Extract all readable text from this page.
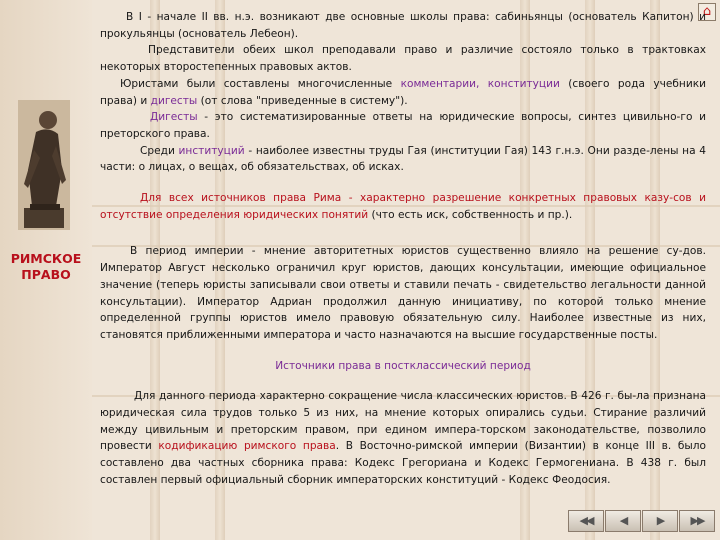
РИМСКОЕ
ПРАВО
⌂

В I - начале II вв. н.э. возникают две основные школы права: сабиньянцы (основатель Капитон) и прокульянцы (основатель Лебеон).

Представители обеих школ преподавали право и различие состояло только в трактовках некоторых второстепенных правовых актов.

Юристами были составлены многочисленные комментарии, конституции (своего рода учебники права) и дигесты (от слова "приведенные в систему").

Дигесты - это систематизированные ответы на юридические вопросы, синтез цивильно-го и преторского права.

Среди институций - наиболее известны труды Гая (институции Гая) 143 г.н.э. Они разде-лены на 4 части: о лицах, о вещах, об обязательствах, об исках.

Для всех источников права Рима - характерно разрешение конкретных правовых казу-сов и отсутствие определения юридических понятий (что есть иск, собственность и пр.).

В период империи - мнение авторитетных юристов существенно влияло на решение су-дов. Император Август несколько ограничил круг юристов, дающих консультации, имеющие официальное значение (теперь юристы записывали свои ответы и ставили печать - свидетельство легальности данной консультации). Император Адриан продолжил данную инициативу, по которой только мнение определенной группы юристов имело правовую обязательную силу. Наиболее известные из них, становятся приближенными императора и часто назначаются на высшие государственные посты.

Источники права в постклассический период

Для данного периода характерно сокращение числа классических юристов. В 426 г. бы-ла признана юридическая сила трудов только 5 из них, на мнение которых опирались судьи. Стирание различий между цивильным и преторским правом, при едином импера-торском законодательстве, позволило провести кодификацию римского права. В Восточно-римской империи (Византии) в конце III в. было составлено два частных сборника права: Кодекс Грегориана и Кодекс Гермогениана. В 438 г. был составлен первый официальный сборник императорских конституций - Кодекс Феодосия.

◀◀	◀	▶	▶▶
